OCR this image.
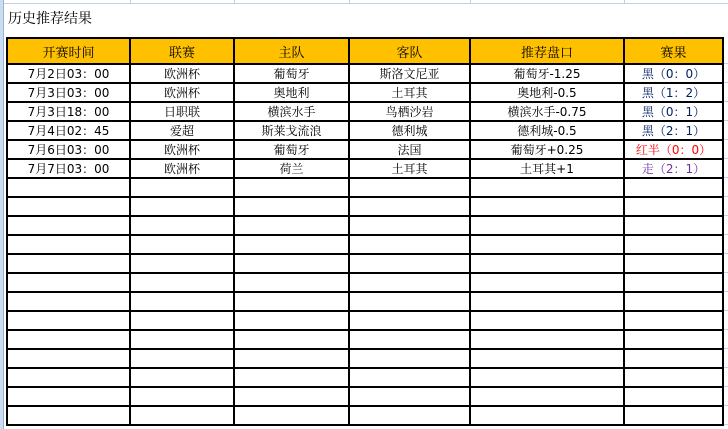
历史推荐结果
开赛时间	联赛	主队	客队	推荐盘口	赛果
7月2日03：00	欧洲杯	葡萄牙	斯洛文尼亚	葡萄牙-1.25	黑（0：0）
7月3日03：00	欧洲杯	奥地利	土耳其	奥地利-0.5	黑（1：2）
7月3日18：00	日职联	横滨水手	鸟栖沙岩	横滨水手-0.75	黑（0：1）
7月4日02：45	爱超	斯莱戈流浪	德利城	德利城-0.5	黑（2：1）
7月6日03：00	欧洲杯	葡萄牙	法国	葡萄牙+0.25	红半（0：0）
7月7日03：00	欧洲杯	荷兰	土耳其	土耳其+1	走（2：1）
